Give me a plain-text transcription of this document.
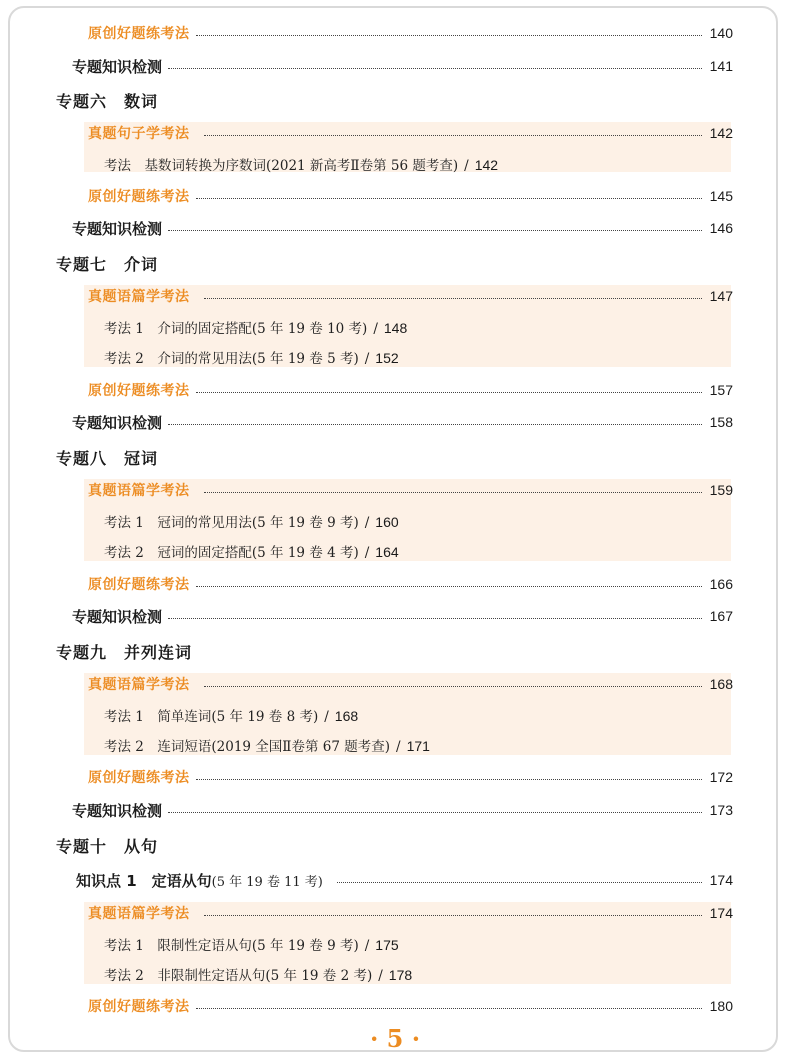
原创好题练考法	140
专题知识检测	141
专题六　数词
真题句子学考法	142
考法　基数词转换为序数词(2021 新高考Ⅱ卷第 56 题考查) / 142
原创好题练考法	145
专题知识检测	146
专题七　介词
真题语篇学考法	147
考法 1　介词的固定搭配(5 年 19 卷 10 考) / 148
考法 2　介词的常见用法(5 年 19 卷 5 考) / 152
原创好题练考法	157
专题知识检测	158
专题八　冠词
真题语篇学考法	159
考法 1　冠词的常见用法(5 年 19 卷 9 考) / 160
考法 2　冠词的固定搭配(5 年 19 卷 4 考) / 164
原创好题练考法	166
专题知识检测	167
专题九　并列连词
真题语篇学考法	168
考法 1　简单连词(5 年 19 卷 8 考) / 168
考法 2　连词短语(2019 全国Ⅱ卷第 67 题考查) / 171
原创好题练考法	172
专题知识检测	173
专题十　从句
知识点 1　定语从句 (5 年 19 卷 11 考)	174
真题语篇学考法	174
考法 1　限制性定语从句(5 年 19 卷 9 考) / 175
考法 2　非限制性定语从句(5 年 19 卷 2 考) / 178
原创好题练考法	180
· 5 ·
